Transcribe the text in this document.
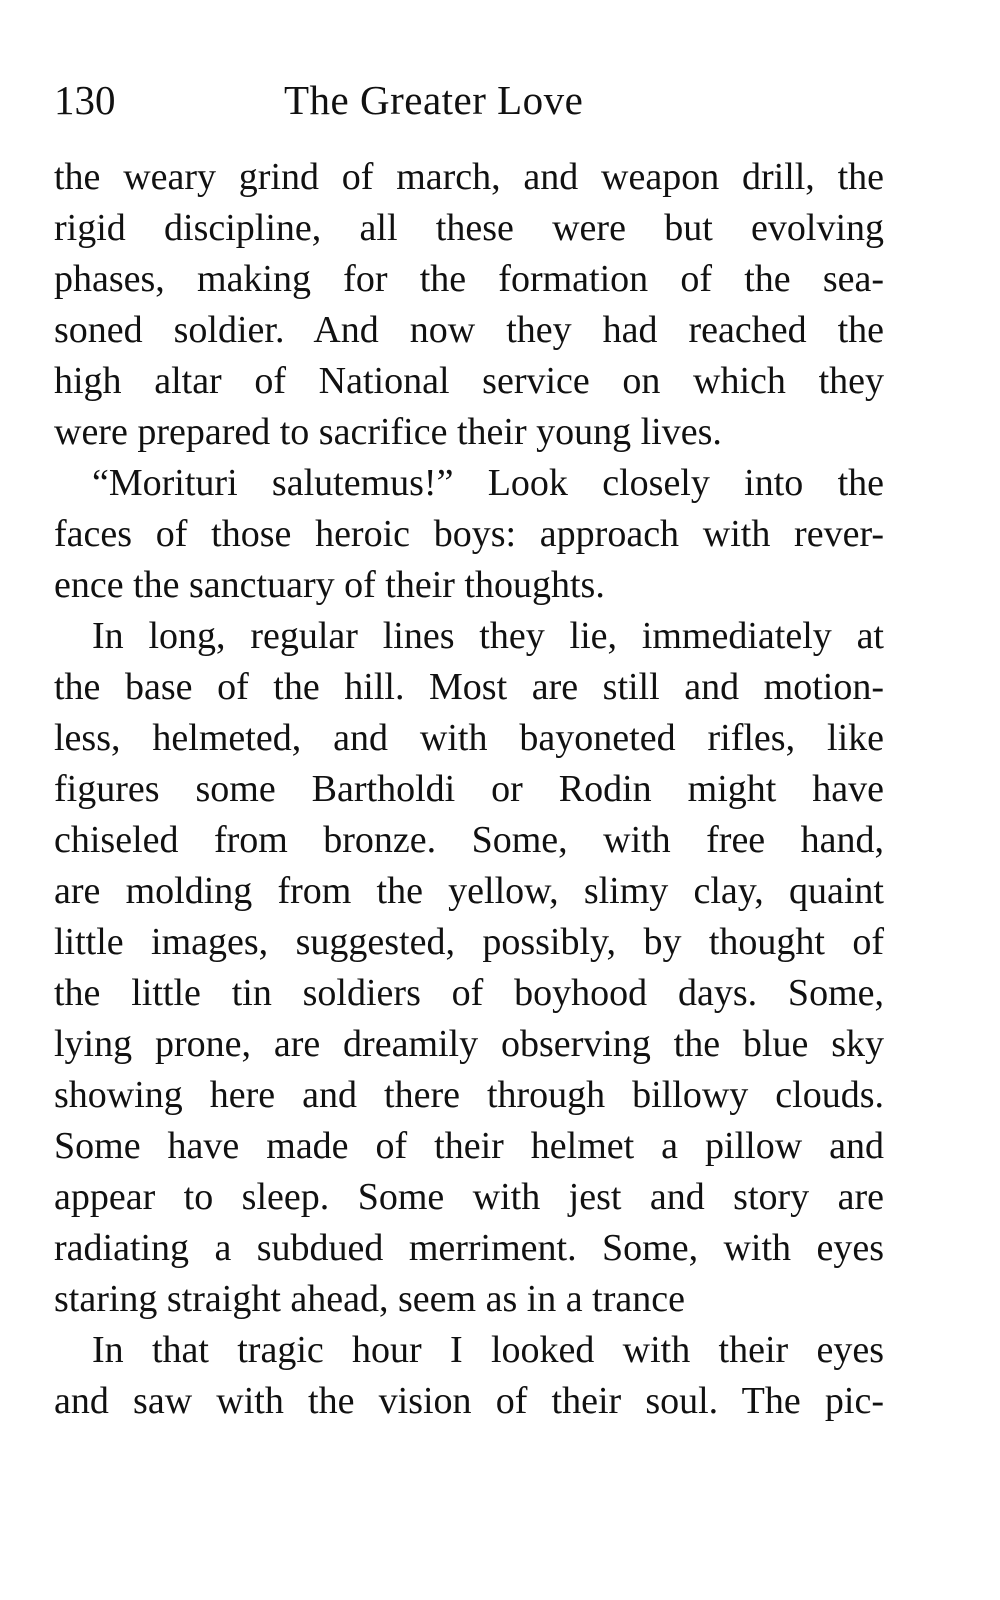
130	The Greater Love
the weary grind of march, and weapon drill, the
rigid discipline, all these were but evolving
phases, making for the formation of the sea-
soned soldier. And now they had reached the
high altar of National service on which they
were prepared to sacrifice their young lives.
“Morituri salutemus!” Look closely into the
faces of those heroic boys: approach with rever-
ence the sanctuary of their thoughts.
In long, regular lines they lie, immediately at
the base of the hill. Most are still and motion-
less, helmeted, and with bayoneted rifles, like
figures some Bartholdi or Rodin might have
chiseled from bronze. Some, with free hand,
are molding from the yellow, slimy clay, quaint
little images, suggested, possibly, by thought of
the little tin soldiers of boyhood days. Some,
lying prone, are dreamily observing the blue sky
showing here and there through billowy clouds.
Some have made of their helmet a pillow and
appear to sleep. Some with jest and story are
radiating a subdued merriment. Some, with eyes
staring straight ahead, seem as in a trance
In that tragic hour I looked with their eyes
and saw with the vision of their soul. The pic-
